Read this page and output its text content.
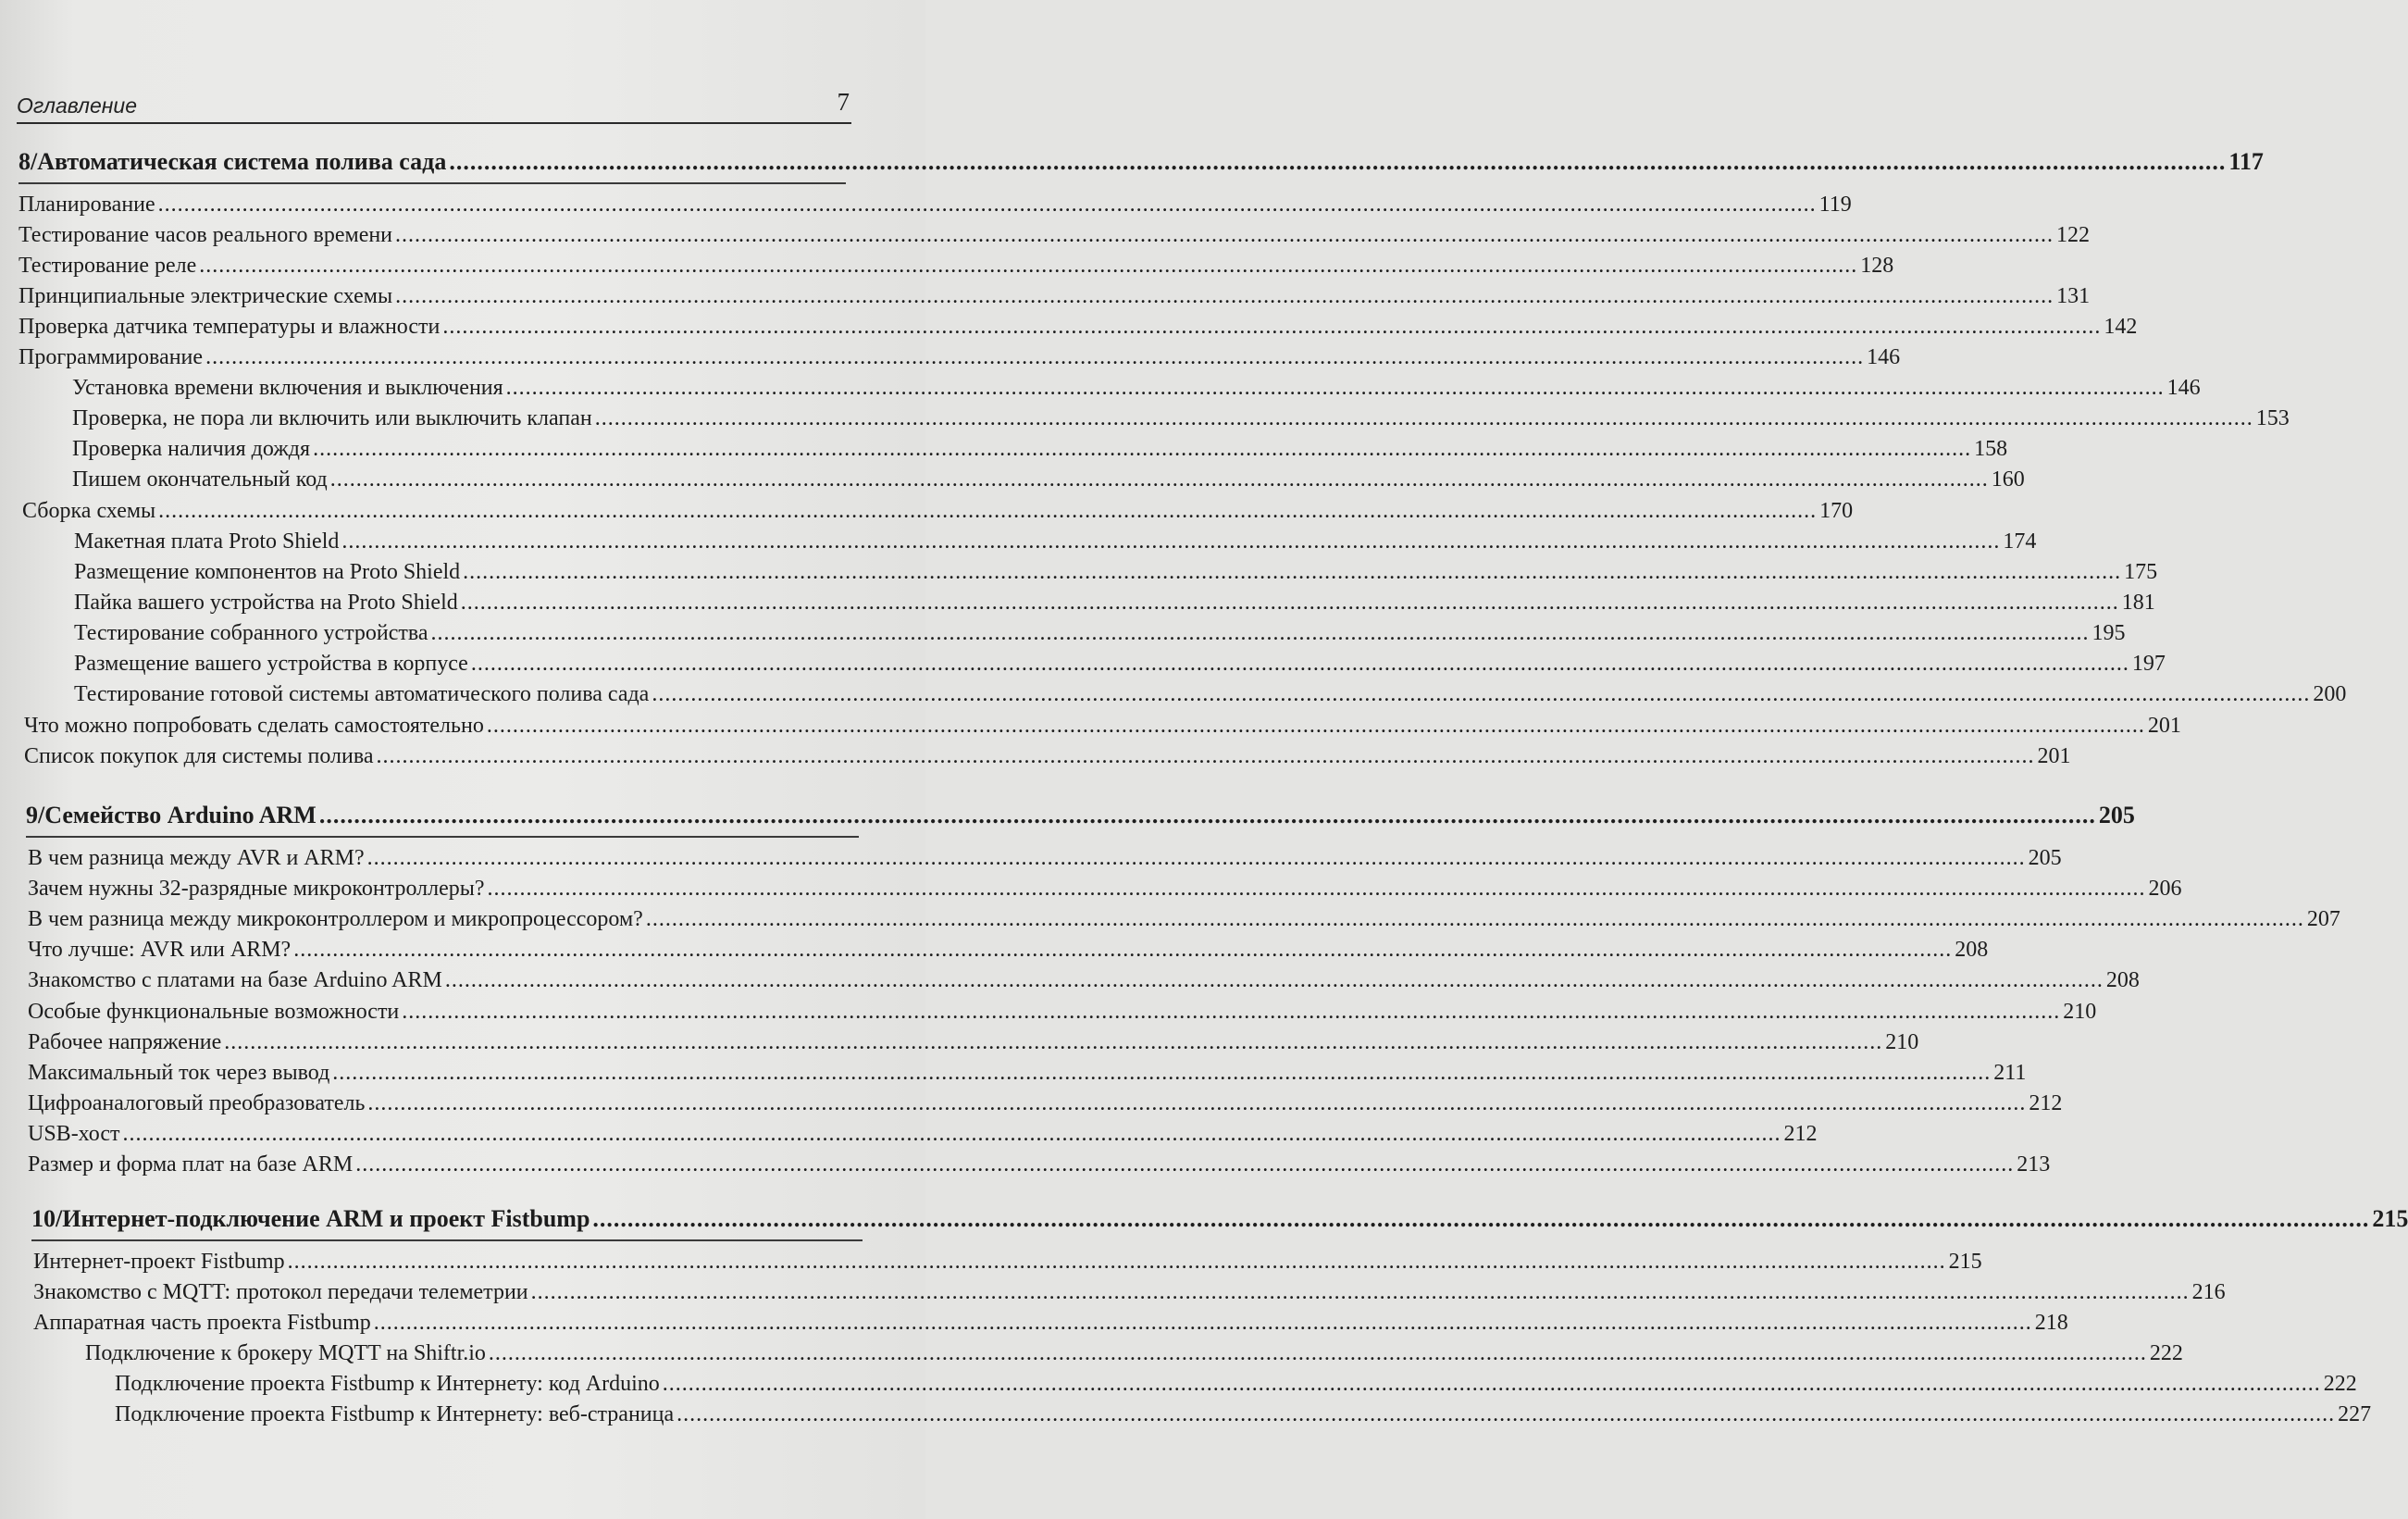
Оглавление	7
8/Автоматическая система полива сада .....	117
Планирование .....	119
Тестирование часов реального времени .....	122
Тестирование реле .....	128
Принципиальные электрические схемы .....	131
Проверка датчика температуры и влажности .....	142
Программирование .....	146
Установка времени включения и выключения .....	146
Проверка, не пора ли включить или выключить клапан .....	153
Проверка наличия дождя .....	158
Пишем окончательный код .....	160
Сборка схемы .....	170
Макетная плата Proto Shield .....	174
Размещение компонентов на Proto Shield .....	175
Пайка вашего устройства на Proto Shield .....	181
Тестирование собранного устройства .....	195
Размещение вашего устройства в корпусе .....	197
Тестирование готовой системы автоматического полива сада .....	200
Что можно попробовать сделать самостоятельно .....	201
Список покупок для системы полива .....	201
9/Семейство Arduino ARM .....	205
В чем разница между AVR и ARM? .....	205
Зачем нужны 32-разрядные микроконтроллеры? .....	206
В чем разница между микроконтроллером и микропроцессором? .....	207
Что лучше: AVR или ARM? .....	208
Знакомство с платами на базе Arduino ARM .....	208
Особые функциональные возможности .....	210
Рабочее напряжение .....	210
Максимальный ток через вывод .....	211
Цифроаналоговый преобразователь .....	212
USB-хост .....	212
Размер и форма плат на базе ARM .....	213
10/Интернет-подключение ARM и проект Fistbump .....	215
Интернет-проект Fistbump .....	215
Знакомство с MQTT: протокол передачи телеметрии .....	216
Аппаратная часть проекта Fistbump .....	218
Подключение к брокеру MQTT на Shiftr.io .....	222
Подключение проекта Fistbump к Интернету: код Arduino .....	222
Подключение проекта Fistbump к Интернету: веб-страница .....	227
